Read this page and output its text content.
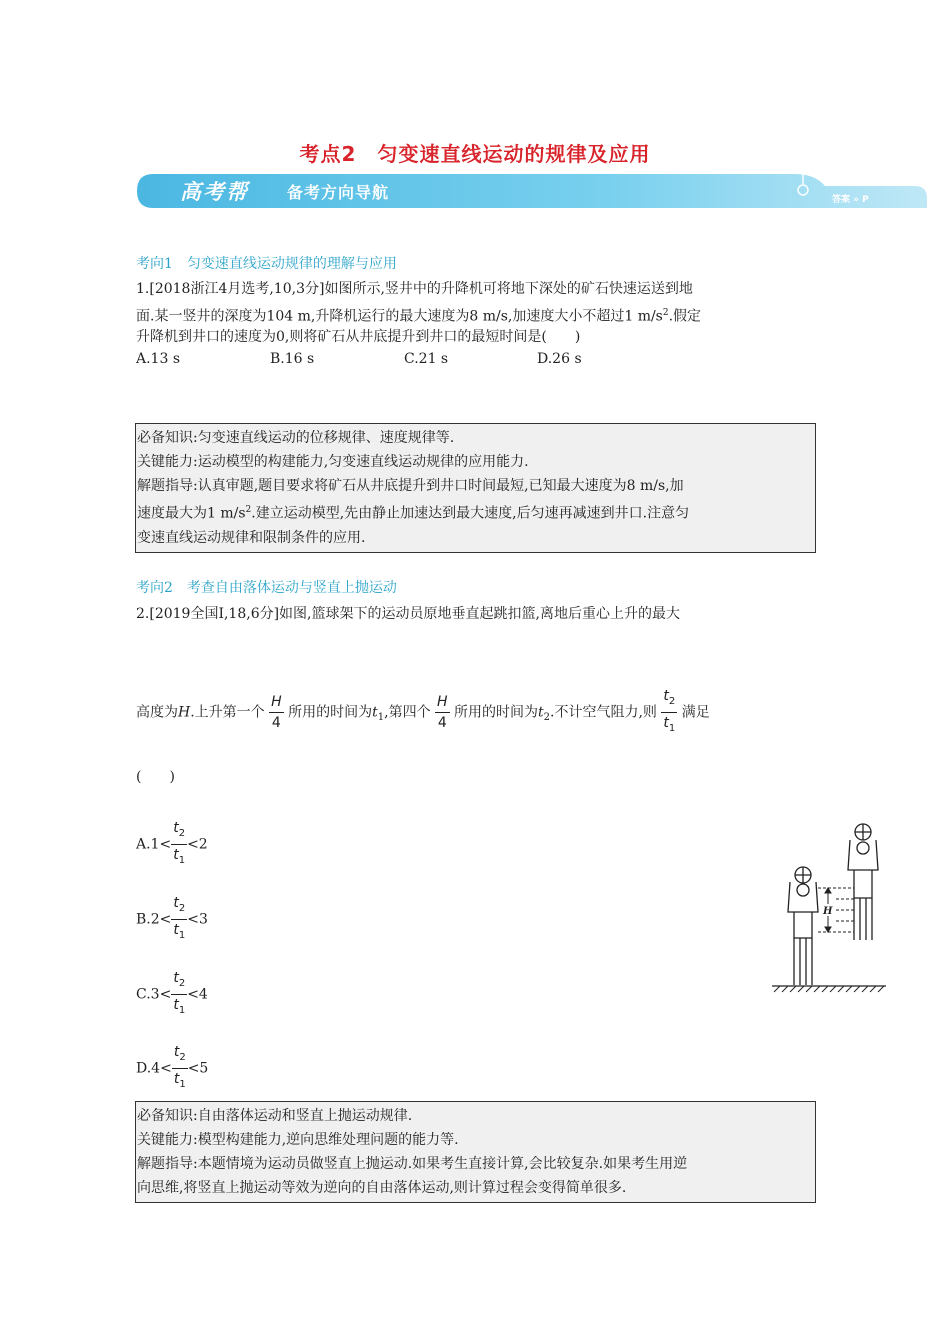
考点2　匀变速直线运动的规律及应用
高考帮 备考方向导航	答案 » P
考向1　匀变速直线运动规律的理解与应用
1.[2018浙江4月选考,10,3分]如图所示,竖井中的升降机可将地下深处的矿石快速运送到地
面.某一竖井的深度为104 m,升降机运行的最大速度为8 m/s,加速度大小不超过1 $m/s^2$.假定
升降机到井口的速度为0,则将矿石从井底提升到井口的最短时间是(　　)
A.13 s	B.16 s	C.21 s	D.26 s
必备知识:匀变速直线运动的位移规律、速度规律等.
关键能力:运动模型的构建能力,匀变速直线运动规律的应用能力.
解题指导:认真审题,题目要求将矿石从井底提升到井口时间最短,已知最大速度为8 m/s,加
速度最大为1 $m/s^2$.建立运动模型,先由静止加速达到最大速度,后匀速再减速到井口.注意匀
变速直线运动规律和限制条件的应用.
考向2　考查自由落体运动与竖直上抛运动
2.[2019全国Ⅰ,18,6分]如图,篮球架下的运动员原地垂直起跳扣篮,离地后重心上升的最大
高度为H.上升第一个 $\frac{H}{4}$ 所用的时间为$t_1$,第四个 $\frac{H}{4}$ 所用的时间为$t_2$.不计空气阻力,则 $\frac{t_2}{t_1}$ 满足
(　　)
$A.1< \frac{t_2}{t_1} <2$
$B.2< \frac{t_2}{t_1} <3$
$C.3< \frac{t_2}{t_1} <4$
$D.4< \frac{t_2}{t_1} <5$
H
必备知识:自由落体运动和竖直上抛运动规律.
关键能力:模型构建能力,逆向思维处理问题的能力等.
解题指导:本题情境为运动员做竖直上抛运动.如果考生直接计算,会比较复杂.如果考生用逆
向思维,将竖直上抛运动等效为逆向的自由落体运动,则计算过程会变得简单很多.
